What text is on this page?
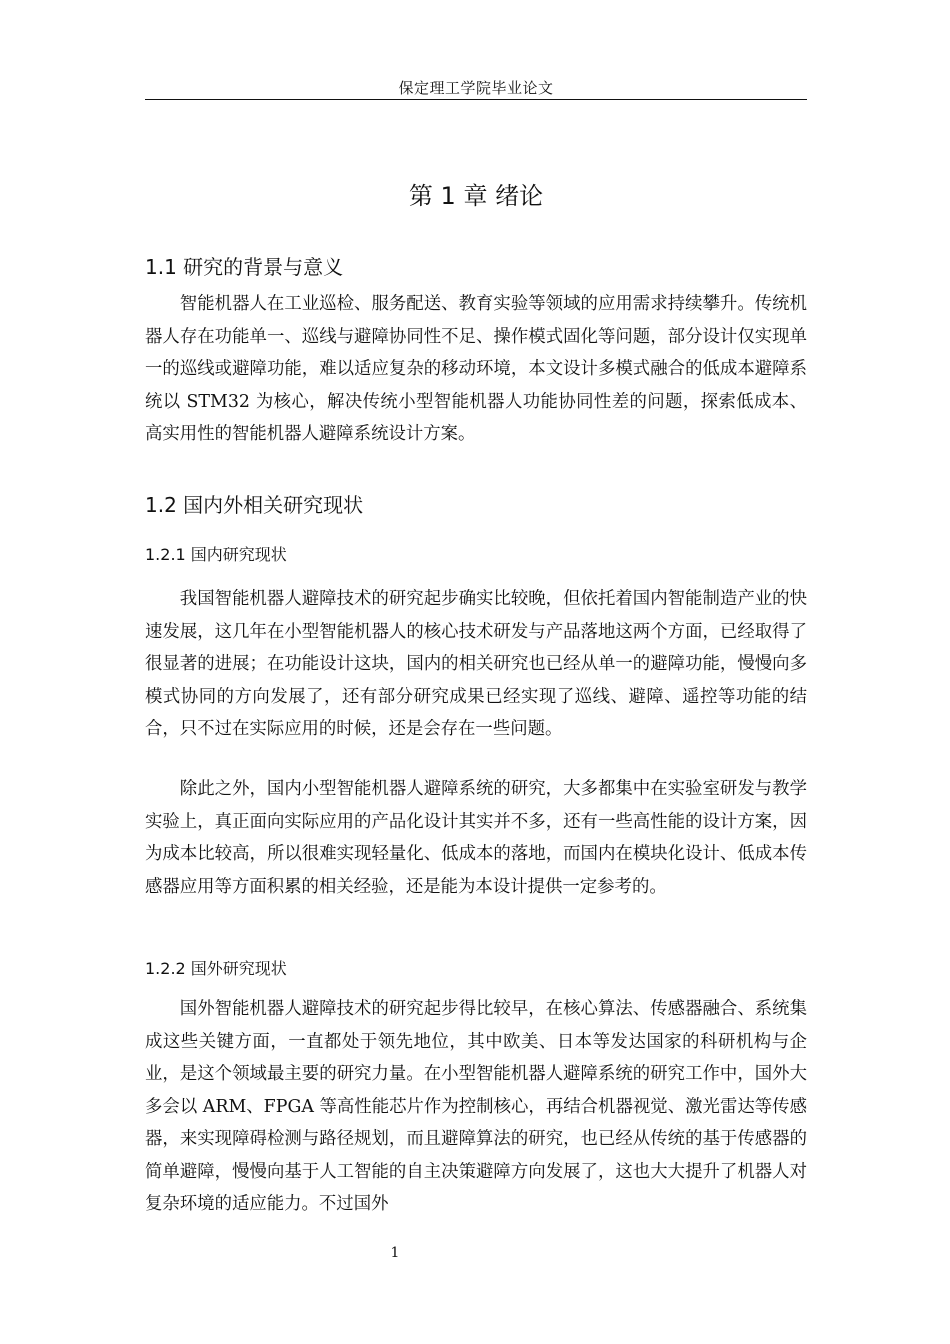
保定理工学院毕业论文
第 1 章 绪论
1.1 研究的背景与意义

智能机器人在工业巡检、服务配送、教育实验等领域的应用需求持续攀升。传统机器人存在功能单一、巡线与避障协同性不足、操作模式固化等问题，部分设计仅实现单一的巡线或避障功能，难以适应复杂的移动环境，本文设计多模式融合的低成本避障系统以 STM32 为核心，解决传统小型智能机器人功能协同性差的问题，探索低成本、高实用性的智能机器人避障系统设计方案。

1.2 国内外相关研究现状
1.2.1 国内研究现状

我国智能机器人避障技术的研究起步确实比较晚，但依托着国内智能制造产业的快速发展，这几年在小型智能机器人的核心技术研发与产品落地这两个方面，已经取得了很显著的进展；在功能设计这块，国内的相关研究也已经从单一的避障功能，慢慢向多模式协同的方向发展了，还有部分研究成果已经实现了巡线、避障、遥控等功能的结合，只不过在实际应用的时候，还是会存在一些问题。

除此之外，国内小型智能机器人避障系统的研究，大多都集中在实验室研发与教学实验上，真正面向实际应用的产品化设计其实并不多，还有一些高性能的设计方案，因为成本比较高，所以很难实现轻量化、低成本的落地，而国内在模块化设计、低成本传感器应用等方面积累的相关经验，还是能为本设计提供一定参考的。

1.2.2 国外研究现状

国外智能机器人避障技术的研究起步得比较早，在核心算法、传感器融合、系统集成这些关键方面，一直都处于领先地位，其中欧美、日本等发达国家的科研机构与企业，是这个领域最主要的研究力量。在小型智能机器人避障系统的研究工作中，国外大多会以 ARM、FPGA 等高性能芯片作为控制核心，再结合机器视觉、激光雷达等传感器，来实现障碍检测与路径规划，而且避障算法的研究，也已经从传统的基于传感器的简单避障，慢慢向基于人工智能的自主决策避障方向发展了，这也大大提升了机器人对复杂环境的适应能力。不过国外

1
